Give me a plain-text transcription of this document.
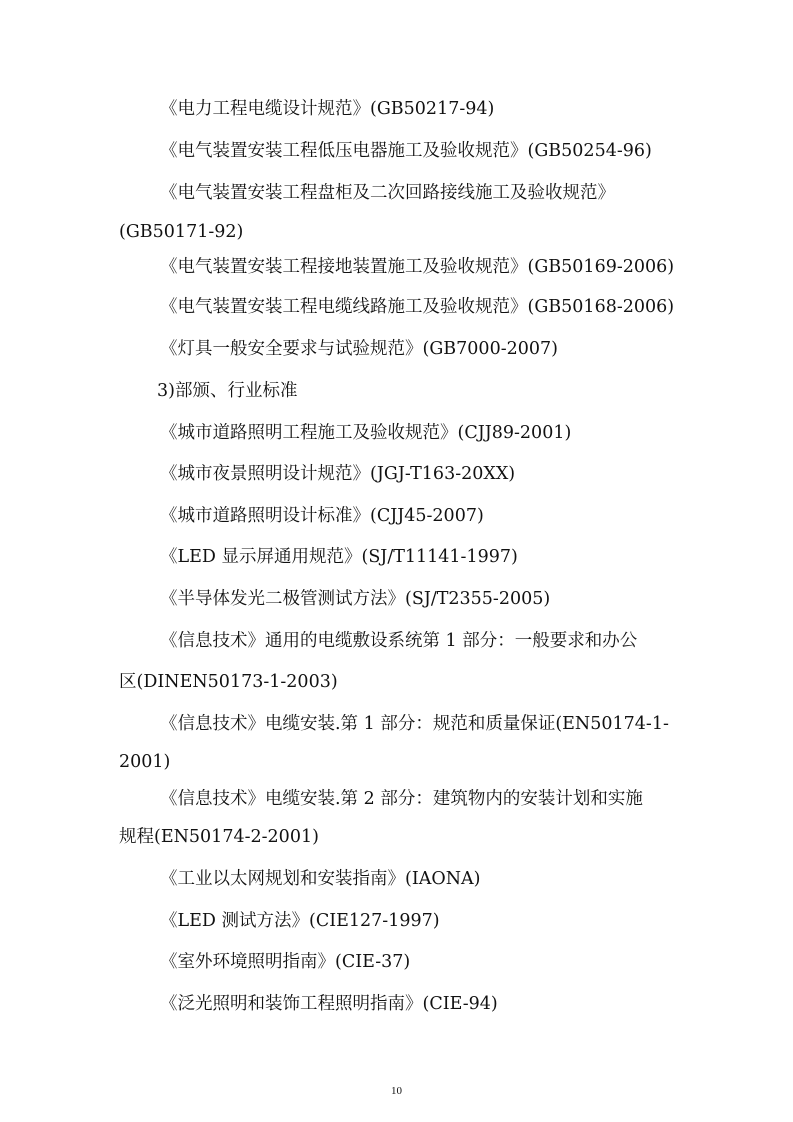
《电力工程电缆设计规范》(GB50217-94)
《电气装置安装工程低压电器施工及验收规范》(GB50254-96)
《电气装置安装工程盘柜及二次回路接线施工及验收规范》
(GB50171-92)
《电气装置安装工程接地装置施工及验收规范》(GB50169-2006)
《电气装置安装工程电缆线路施工及验收规范》(GB50168-2006)
《灯具一般安全要求与试验规范》(GB7000-2007)
3)部颁、行业标准
《城市道路照明工程施工及验收规范》(CJJ89-2001)
《城市夜景照明设计规范》(JGJ-T163-20XX)
《城市道路照明设计标准》(CJJ45-2007)
《LED 显示屏通用规范》(SJ/T11141-1997)
《半导体发光二极管测试方法》(SJ/T2355-2005)
《信息技术》通用的电缆敷设系统第 1 部分：一般要求和办公
区(DINEN50173-1-2003)
《信息技术》电缆安装.第 1 部分：规范和质量保证(EN50174-1-
2001)
《信息技术》电缆安装.第 2 部分：建筑物内的安装计划和实施
规程(EN50174-2-2001)
《工业以太网规划和安装指南》(IAONA)
《LED 测试方法》(CIE127-1997)
《室外环境照明指南》(CIE-37)
《泛光照明和装饰工程照明指南》(CIE-94)
10
